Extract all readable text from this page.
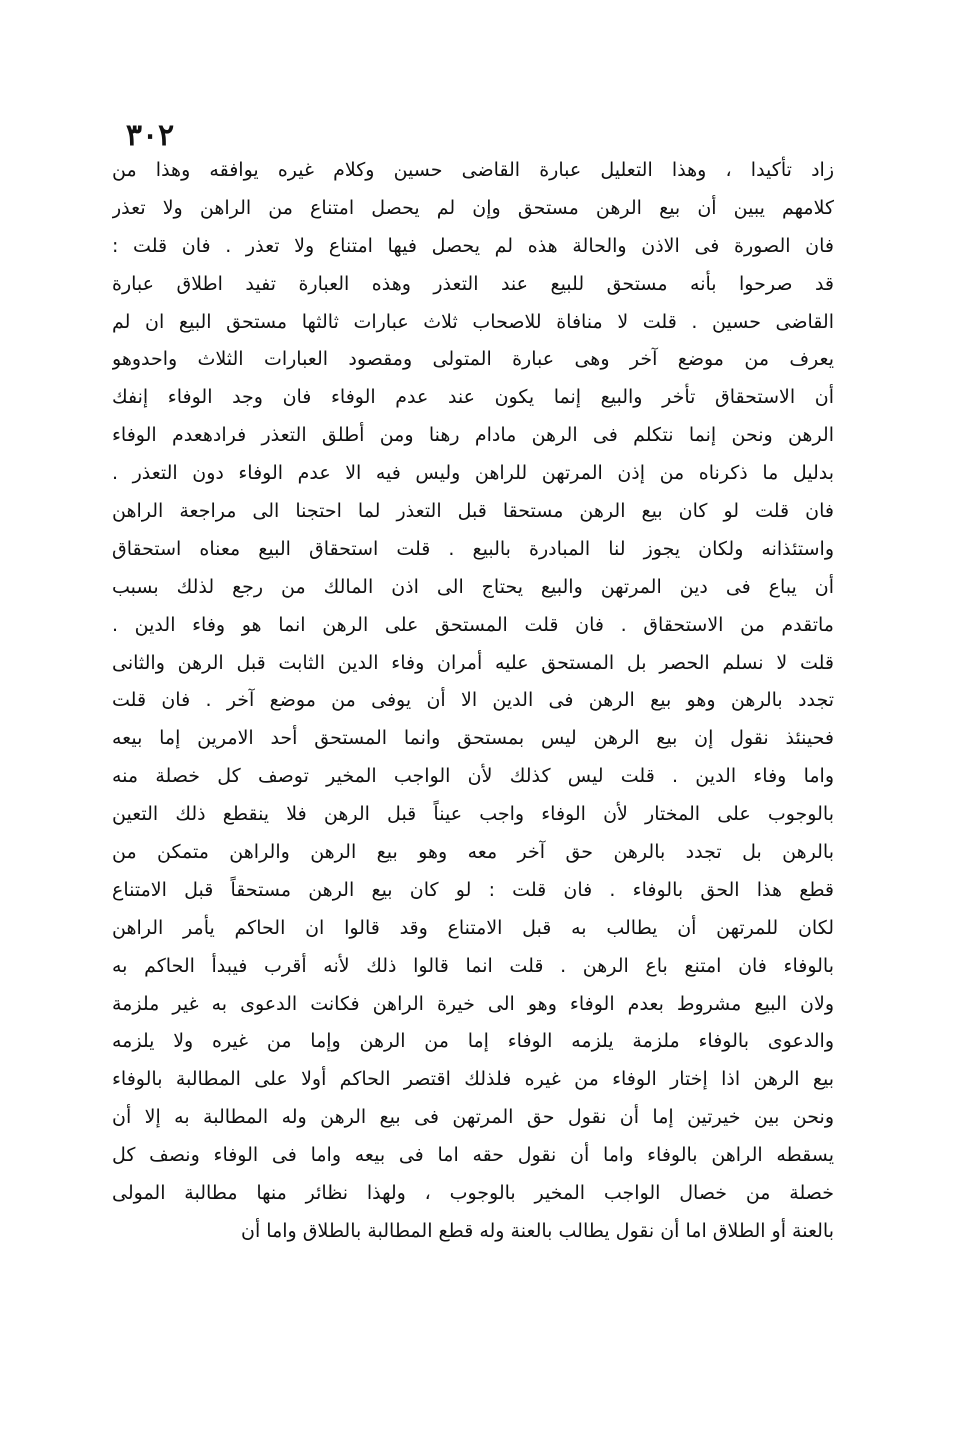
٣٠٢
زاد تأكيدا ، وهذا التعليل عبارة القاضى حسين وكلام غيره يوافقه وهذا من
كلامهم يبين أن بيع الرهن مستحق وإن لم يحصل امتناع من الراهن ولا تعذر
فان الصورة فى الاذن والحالة هذه لم يحصل فيها امتناع ولا تعذر . فان قلت :
قد صرحوا بأنه مستحق للبيع عند التعذر وهذه العبارة تفيد اطلاق عبارة
القاضى حسين . قلت لا منافاة للاصحاب ثلاث عبارات ثالثها مستحق البيع ان لم
يعرف من موضع آخر وهى عبارة المتولى ومقصود العبارات الثلاث واحدوهو
أن الاستحقاق تأخر والبيع إنما يكون عند عدم الوفاء فان وجد الوفاء إنفك
الرهن ونحن إنما نتكلم فى الرهن مادام رهنا ومن أطلق التعذر فرادهعدم الوفاء
بدليل ما ذكرناه من إذن المرتهن للراهن وليس فيه الا عدم الوفاء دون التعذر .
فان قلت لو كان بيع الرهن مستحقا قبل التعذر لما احتجنا الى مراجعة الراهن
واستئذانه ولكان يجوز لنا المبادرة بالبيع . قلت استحقاق البيع معناه استحقاق
أن يباع فى دين المرتهن والبيع يحتاج الى اذن المالك من رجع لذلك بسبب
ماتقدم من الاستحقاق . فان قلت المستحق على الرهن انما هو وفاء الدين .
قلت لا نسلم الحصر بل المستحق عليه أمران وفاء الدين الثابت قبل الرهن والثانى
تجدد بالرهن وهو بيع الرهن فى الدين الا أن يوفى من موضع آخر . فان قلت
فحينئذ نقول إن بيع الرهن ليس بمستحق وانما المستحق أحد الامرين إما بيعه
واما وفاء الدين . قلت ليس كذلك لأن الواجب المخير توصف كل خصلة منه
بالوجوب على المختار لأن الوفاء واجب عيناً قبل الرهن فلا ينقطع ذلك التعين
بالرهن بل تجدد بالرهن حق آخر معه وهو بيع الرهن والراهن متمكن من
قطع هذا الحق بالوفاء . فان قلت : لو كان بيع الرهن مستحقاً قبل الامتناع
لكان للمرتهن أن يطالب به قبل الامتناع وقد قالوا ان الحاكم يأمر الراهن
بالوفاء فان امتنع باع الرهن . قلت انما قالوا ذلك لأنه أقرب فيبدأ الحاكم به
ولان البيع مشروط بعدم الوفاء وهو الى خيرة الراهن فكانت الدعوى به غير ملزمة
والدعوى بالوفاء ملزمة يلزمه الوفاء إما من الرهن وإما من غيره ولا يلزمه
بيع الرهن اذا إختار الوفاء من غيره فلذلك اقتصر الحاكم أولا على المطالبة بالوفاء
ونحن بين خيرتين إما أن نقول حق المرتهن فى بيع الرهن وله المطالبة به إلا أن
يسقطه الراهن بالوفاء واما أن نقول حقه اما فى بيعه واما فى الوفاء ونصف كل
خصلة من خصال الواجب المخير بالوجوب ، ولهذا نظائر منها مطالبة المولى
بالعنة أو الطلاق اما أن نقول يطالب بالعنة وله قطع المطالبة بالطلاق واما أن
